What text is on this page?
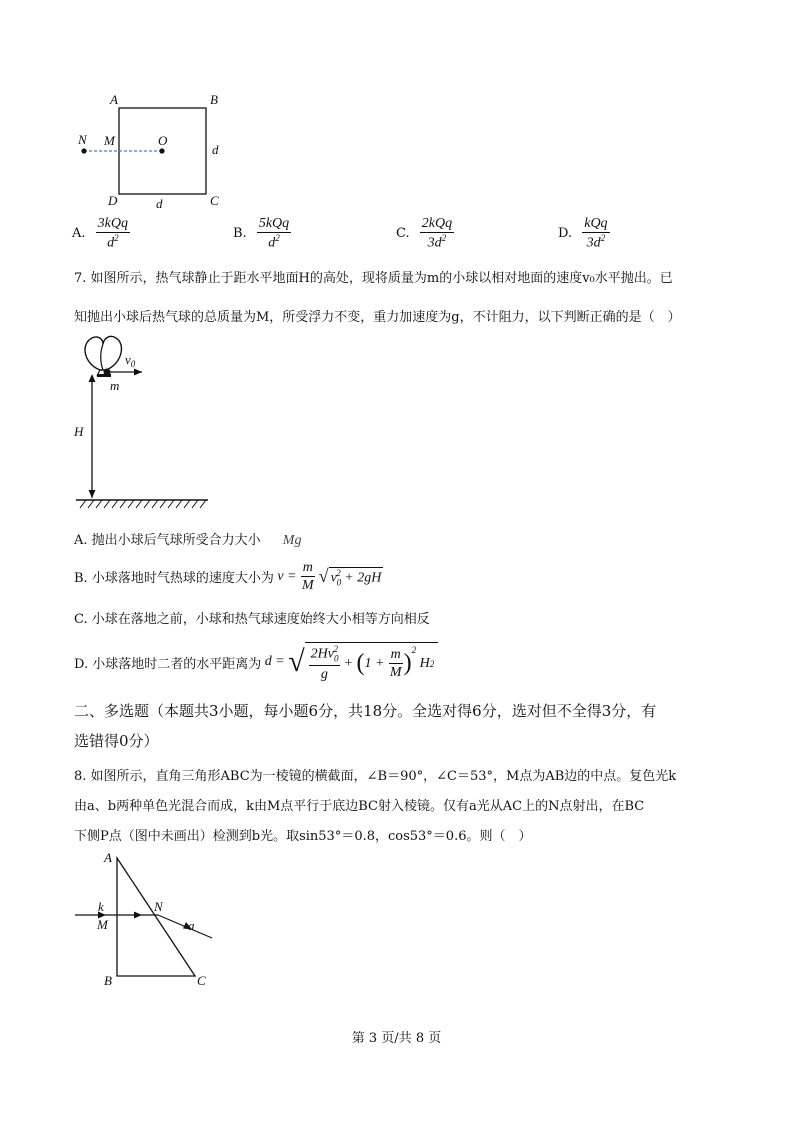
A	B
C
D
N M	O
d
d
A. $\frac{\text{3kQq}}{d^2}$	B. $\frac{\text{5kQq}}{d^2}$	C. $\frac{\text{2kQq}}{3d^2}$	D. $\frac{\text{kQq}}{3d^2}$
7. 如图所示，热气球静止于距水平地面H的高处，现将质量为m的小球以相对地面的速度v₀水平抛出。已
知抛出小球后热气球的总质量为M，所受浮力不变，重力加速度为g，不计阻力，以下判断正确的是（　）
$v_0$
m
H
A. 抛出小球后气球所受合力大小 Mg
B. 小球落地时气热球的速度大小为 $v = \frac{m}{M}$ √ $v_0^2 + 2gH$
C. 小球在落地之前，小球和热气球速度始终大小相等方向相反
D. 小球落地时二者的水平距离为 d = √ $\frac{2Hv_0^2}{g}$ + ( $1 + \frac{m}{M}$ )
$^2$
H 2
二、多选题（本题共3小题，每小题6分，共18分。全选对得6分，选对但不全得3分，有
选错得0分）
8. 如图所示，直角三角形ABC为一棱镜的横截面，∠B＝90°，∠C＝53°，M点为AB边的中点。复色光k
由a、b两种单色光混合而成，k由M点平行于底边BC射入棱镜。仅有a光从AC上的N点射出，在BC
下侧P点（图中未画出）检测到b光。取sin53°＝0.8，cos53°＝0.6。则（　）
A
B	C
N
M
k
a
第 3 页/共 8 页
